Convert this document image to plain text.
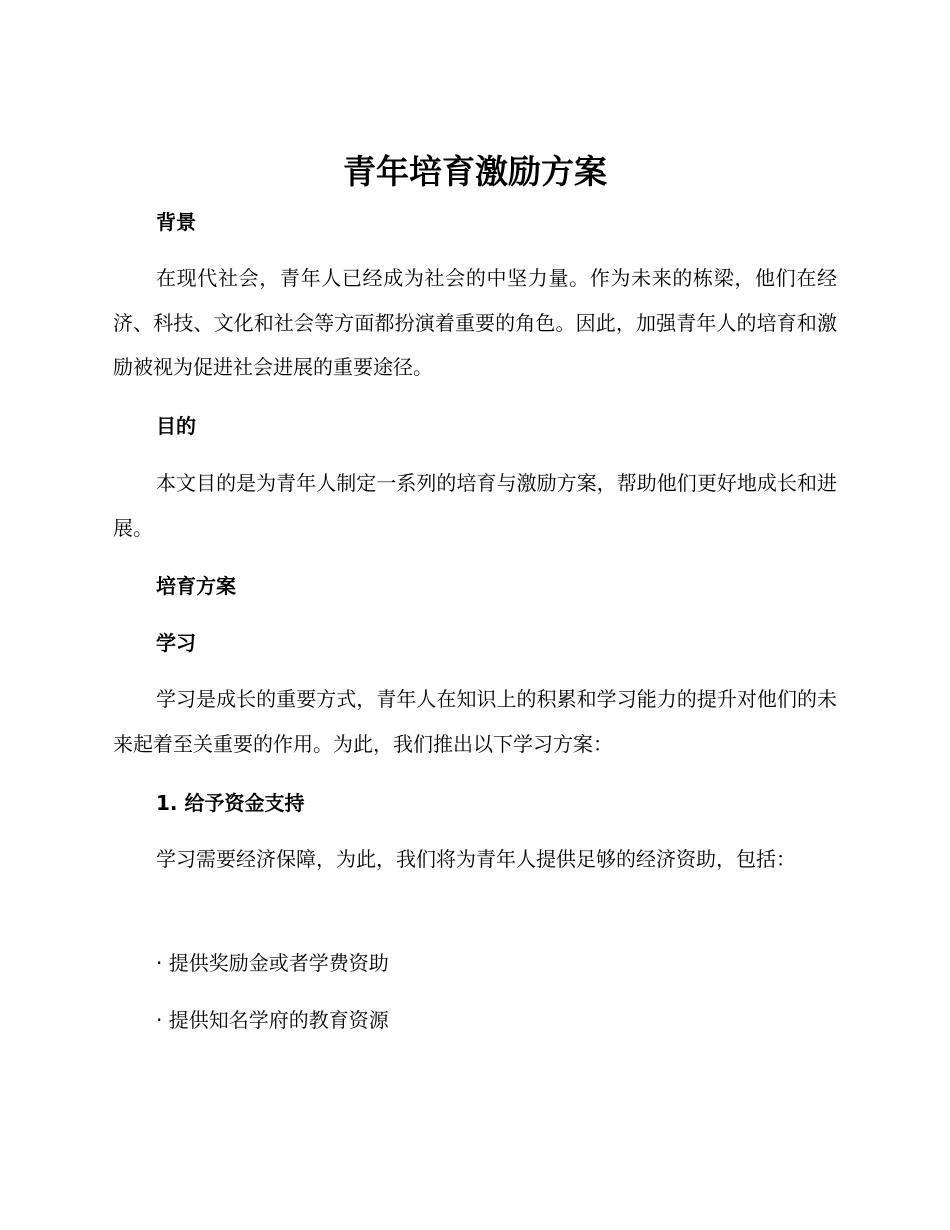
青年培育激励方案
背景

在现代社会，青年人已经成为社会的中坚力量。作为未来的栋梁，他们在经济、科技、文化和社会等方面都扮演着重要的角色。因此，加强青年人的培育和激励被视为促进社会进展的重要途径。

目的

本文目的是为青年人制定一系列的培育与激励方案，帮助他们更好地成长和进展。

培育方案
学习

学习是成长的重要方式，青年人在知识上的积累和学习能力的提升对他们的未来起着至关重要的作用。为此，我们推出以下学习方案：

1. 给予资金支持

学习需要经济保障，为此，我们将为青年人提供足够的经济资助，包括：

· 提供奖励金或者学费资助

· 提供知名学府的教育资源
